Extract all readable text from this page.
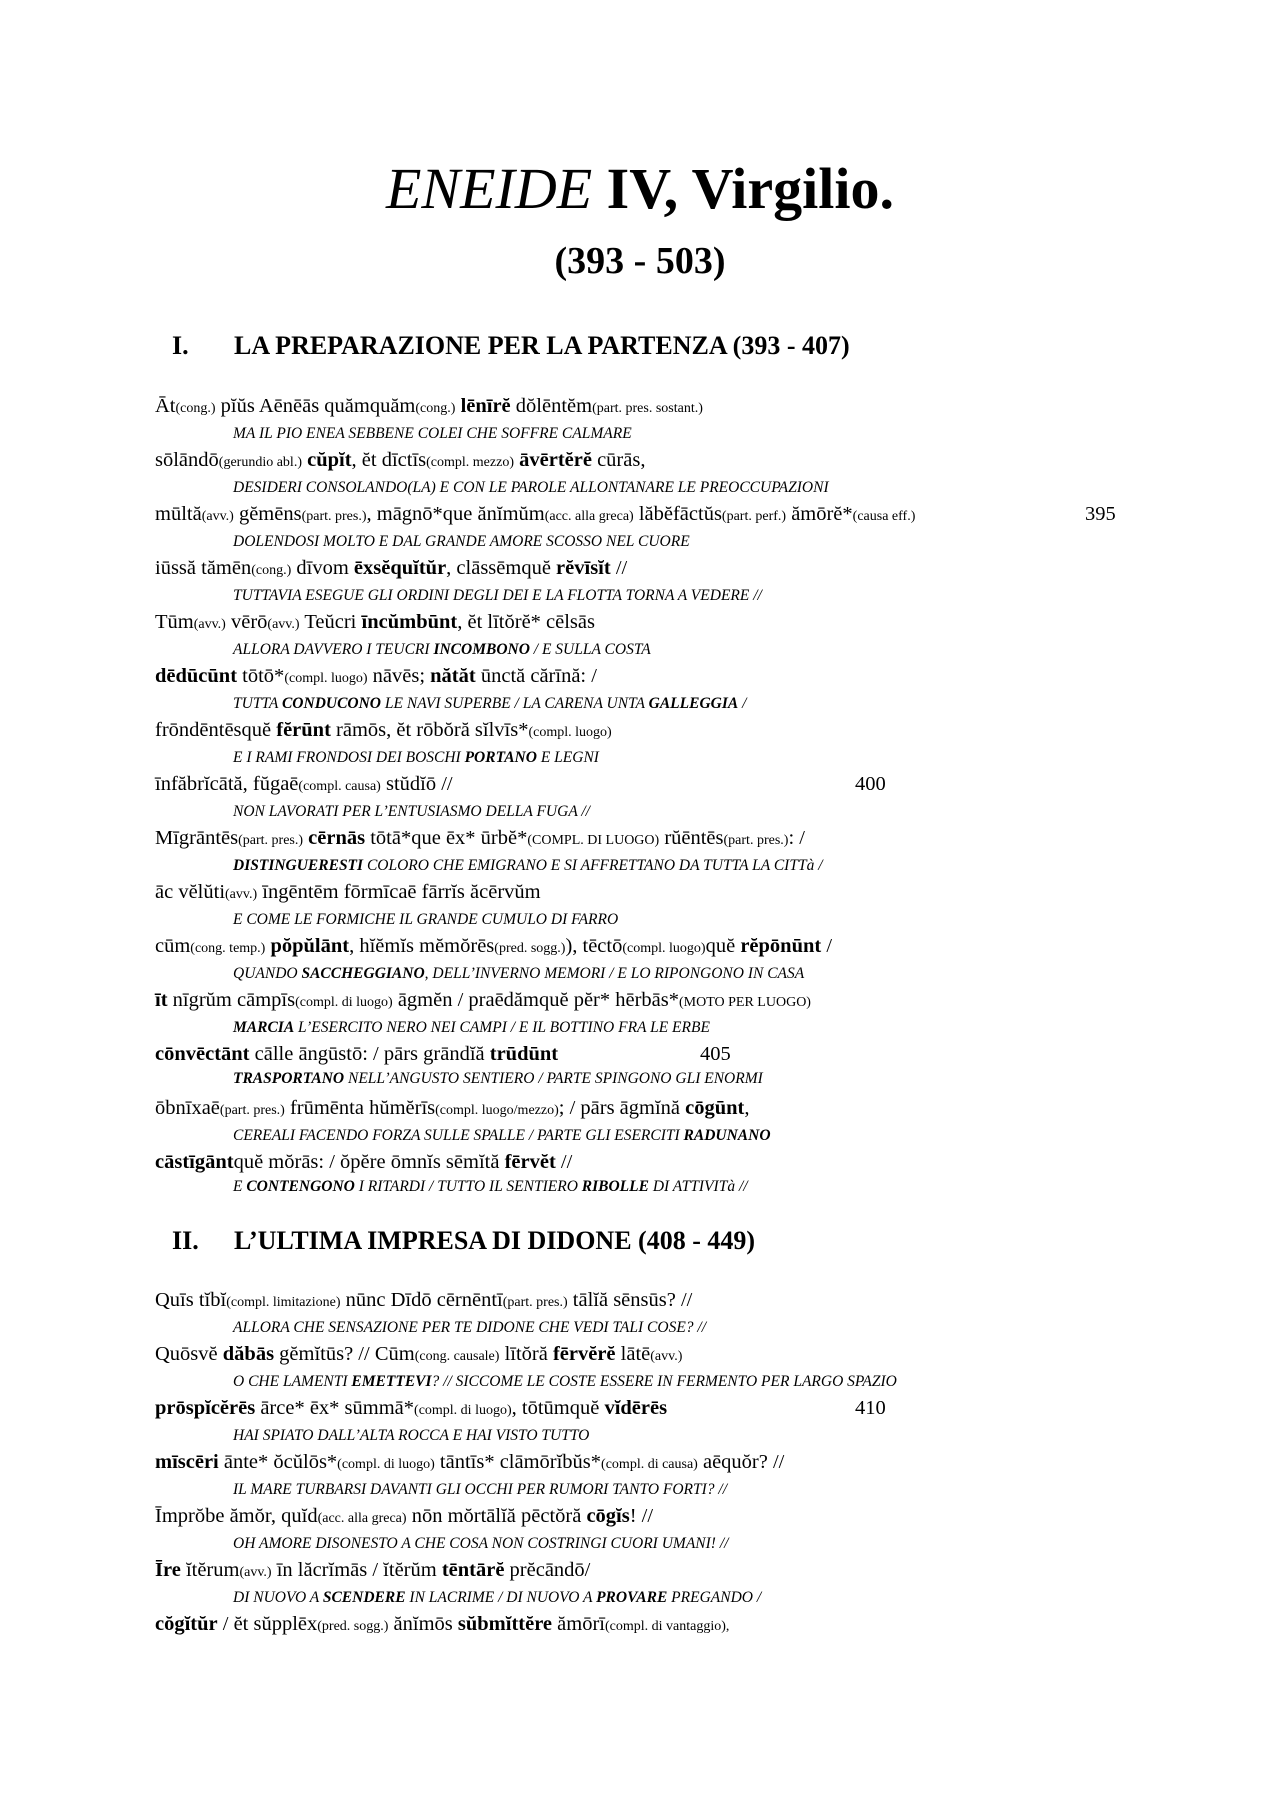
ENEIDE IV, Virgilio.
(393 - 503)
I. LA PREPARAZIONE PER LA PARTENZA (393 - 407)
Āt(cong.) pĭŭs Aēnēās quămquăm(cong.) lēnīrĕ dŏlēntĕm(part. pres. sostant.)
MA IL PIO ENEA SEBBENE COLEI CHE SOFFRE CALMARE
sōlāndō(gerundio abl.) cŭpĭt, ĕt dīctīs(compl. mezzo) āvērtĕrĕ cūrās,
DESIDERI CONSOLANDO(LA) E CON LE PAROLE ALLONTANARE LE PREOCCUPAZIONI
mūltă(avv.) gĕmēns(part. pres.), māgnō*que ănĭmŭm(acc. alla greca) lăbĕfāctŭs(part. perf.) ămōrĕ*(causa eff.)	395
DOLENDOSI MOLTO E DAL GRANDE AMORE SCOSSO NEL CUORE
iūssă tămēn(cong.) dīvom ēxsĕquĭtŭr, clāssēmquĕ rĕvīsĭt //
TUTTAVIA ESEGUE GLI ORDINI DEGLI DEI E LA FLOTTA TORNA A VEDERE //
Tūm(avv.) vērō(avv.) Teŭcri īncŭmbūnt, ĕt lītŏrĕ* cēlsās
ALLORA DAVVERO I TEUCRI INCOMBONO / E SULLA COSTA
dēdūcūnt tōtō*(compl. luogo) nāvēs; nătăt ūnctă cărīnă: /
TUTTA CONDUCONO LE NAVI SUPERBE / LA CARENA UNTA GALLEGGIA /
frōndēntēsquĕ fĕrūnt rāmōs, ĕt rōbŏră sĭlvīs*(compl. luogo)
E I RAMI FRONDOSI DEI BOSCHI PORTANO E LEGNI
īnfăbrĭcātă, fŭgaē(compl. causa) stŭdĭō //	400
NON LAVORATI PER L’ENTUSIASMO DELLA FUGA //
Mīgrāntēs(part. pres.) cērnās tōtā*que ēx* ūrbĕ*(COMPL. DI LUOGO) rŭēntēs(part. pres.): /
DISTINGUERESTI COLORO CHE EMIGRANO E SI AFFRETTANO DA TUTTA LA CITTà /
āc vĕlŭti(avv.) īngēntēm fōrmīcaē fārrĭs ăcērvŭm
E COME LE FORMICHE IL GRANDE CUMULO DI FARRO
cūm(cong. temp.) pŏpŭlānt, hĭĕmĭs mĕmŏrēs(pred. sogg.)), tēctō(compl. luogo)quĕ rĕpōnūnt /
QUANDO SACCHEGGIANO, DELL’INVERNO MEMORI / E LO RIPONGONO IN CASA
īt nīgrŭm cāmpīs(compl. di luogo) āgmĕn / praēdămquĕ pĕr* hērbās*(MOTO PER LUOGO)
MARCIA L’ESERCITO NERO NEI CAMPI / E IL BOTTINO FRA LE ERBE
cōnvēctānt cālle āngūstō: / pārs grāndĭă trūdūnt	405
TRASPORTANO NELL’ANGUSTO SENTIERO / PARTE SPINGONO GLI ENORMI
ōbnīxaē(part. pres.) frūmēnta hŭmĕrīs(compl. luogo/mezzo); / pārs āgmĭnă cōgūnt,
CEREALI FACENDO FORZA SULLE SPALLE / PARTE GLI ESERCITI RADUNANO
cāstīgāntquĕ mŏrās: / ŏpĕre ōmnĭs sēmĭtă fērvĕt //
E CONTENGONO I RITARDI / TUTTO IL SENTIERO RIBOLLE DI ATTIVITà //
II. L’ULTIMA IMPRESA DI DIDONE (408 - 449)
Quīs tĭbĭ(compl. limitazione) nūnc Dīdō cērnēntī(part. pres.) tālĭă sēnsūs? //
ALLORA CHE SENSAZIONE PER TE DIDONE CHE VEDI TALI COSE? //
Quōsvĕ dăbās gĕmĭtūs? // Cūm(cong. causale) lītŏră fērvĕrĕ lātē(avv.)
O CHE LAMENTI EMETTEVI? // SICCOME LE COSTE ESSERE IN FERMENTO PER LARGO SPAZIO
prōspĭcĕrēs ārce* ēx* sūmmā*(compl. di luogo), tōtūmquĕ vĭdērēs	410
HAI SPIATO DALL’ALTA ROCCA E HAI VISTO TUTTO
mīscēri ānte* ŏcŭlōs*(compl. di luogo) tāntīs* clāmōrĭbŭs*(compl. di causa) aēquŏr? //
IL MARE TURBARSI DAVANTI GLI OCCHI PER RUMORI TANTO FORTI? //
Īmprŏbe ămŏr, quĭd(acc. alla greca) nōn mŏrtālĭă pēctŏră cōgĭs! //
OH AMORE DISONESTO A CHE COSA NON COSTRINGI CUORI UMANI! //
Īre ĭtĕrum(avv.) īn lăcrĭmās / ĭtĕrŭm tēntārĕ prĕcāndō/
DI NUOVO A SCENDERE IN LACRIME / DI NUOVO A PROVARE PREGANDO /
cŏgĭtŭr / ĕt sŭpplēx(pred. sogg.) ănĭmōs sŭbmĭttĕre ămōrī(compl. di vantaggio),
